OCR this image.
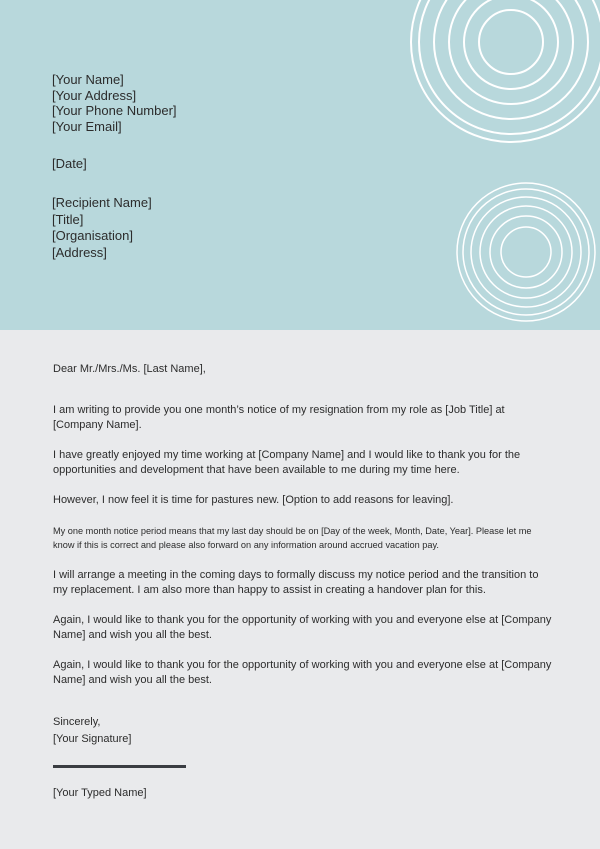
[Your Name]
[Your Address]
[Your Phone Number]
[Your Email]
[Date]
[Recipient Name]
[Title]
[Organisation]
[Address]
Dear Mr./Mrs./Ms. [Last Name],
I am writing to provide you one month’s notice of my resignation from my role as [Job Title] at [Company Name].
I have greatly enjoyed my time working at [Company Name] and I would like to thank you for the opportunities and development that have been available to me during my time here.
However, I now feel it is time for pastures new. [Option to add reasons for leaving].
My one month notice period means that my last day should be on [Day of the week, Month, Date, Year]. Please let me know if this is correct and please also forward on any information around accrued vacation pay.
I will arrange a meeting in the coming days to formally discuss my notice period and the transition to my replacement. I am also more than happy to assist in creating a handover plan for this.
Again, I would like to thank you for the opportunity of working with you and everyone else at [Company Name] and wish you all the best.
Again, I would like to thank you for the opportunity of working with you and everyone else at [Company Name] and wish you all the best.
Sincerely,
[Your Signature]
[Your Typed Name]
